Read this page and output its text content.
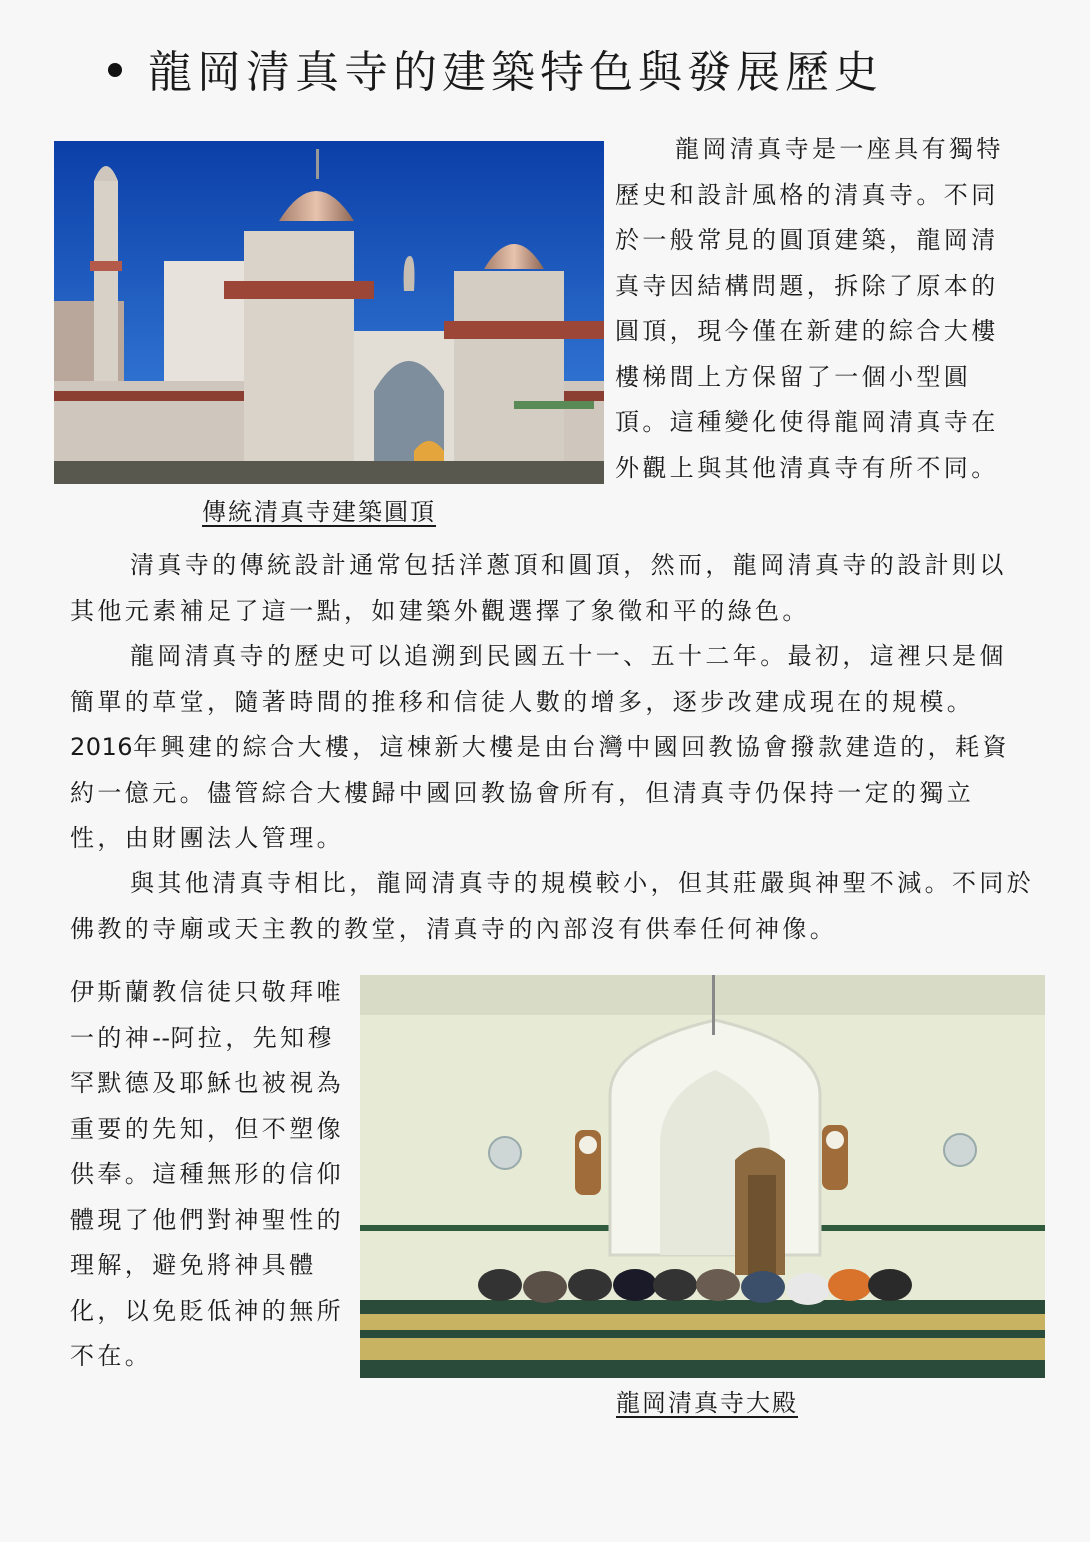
龍岡清真寺的建築特色與發展歷史
傳統清真寺建築圓頂

龍岡清真寺是一座具有獨特歷史和設計風格的清真寺。不同於一般常見的圓頂建築，龍岡清真寺因結構問題，拆除了原本的圓頂，現今僅在新建的綜合大樓樓梯間上方保留了一個小型圓頂。這種變化使得龍岡清真寺在外觀上與其他清真寺有所不同。

清真寺的傳統設計通常包括洋蔥頂和圓頂，然而，龍岡清真寺的設計則以其他元素補足了這一點，如建築外觀選擇了象徵和平的綠色。

龍岡清真寺的歷史可以追溯到民國五十一、五十二年。最初，這裡只是個簡單的草堂，隨著時間的推移和信徒人數的增多，逐步改建成現在的規模。2016年興建的綜合大樓，這棟新大樓是由台灣中國回教協會撥款建造的，耗資約一億元。儘管綜合大樓歸中國回教協會所有，但清真寺仍保持一定的獨立性，由財團法人管理。

與其他清真寺相比，龍岡清真寺的規模較小，但其莊嚴與神聖不減。不同於佛教的寺廟或天主教的教堂，清真寺的內部沒有供奉任何神像。

伊斯蘭教信徒只敬拜唯一的神--阿拉，先知穆罕默德及耶穌也被視為重要的先知，但不塑像供奉。這種無形的信仰體現了他們對神聖性的理解，避免將神具體化，以免貶低神的無所不在。

龍岡清真寺大殿
